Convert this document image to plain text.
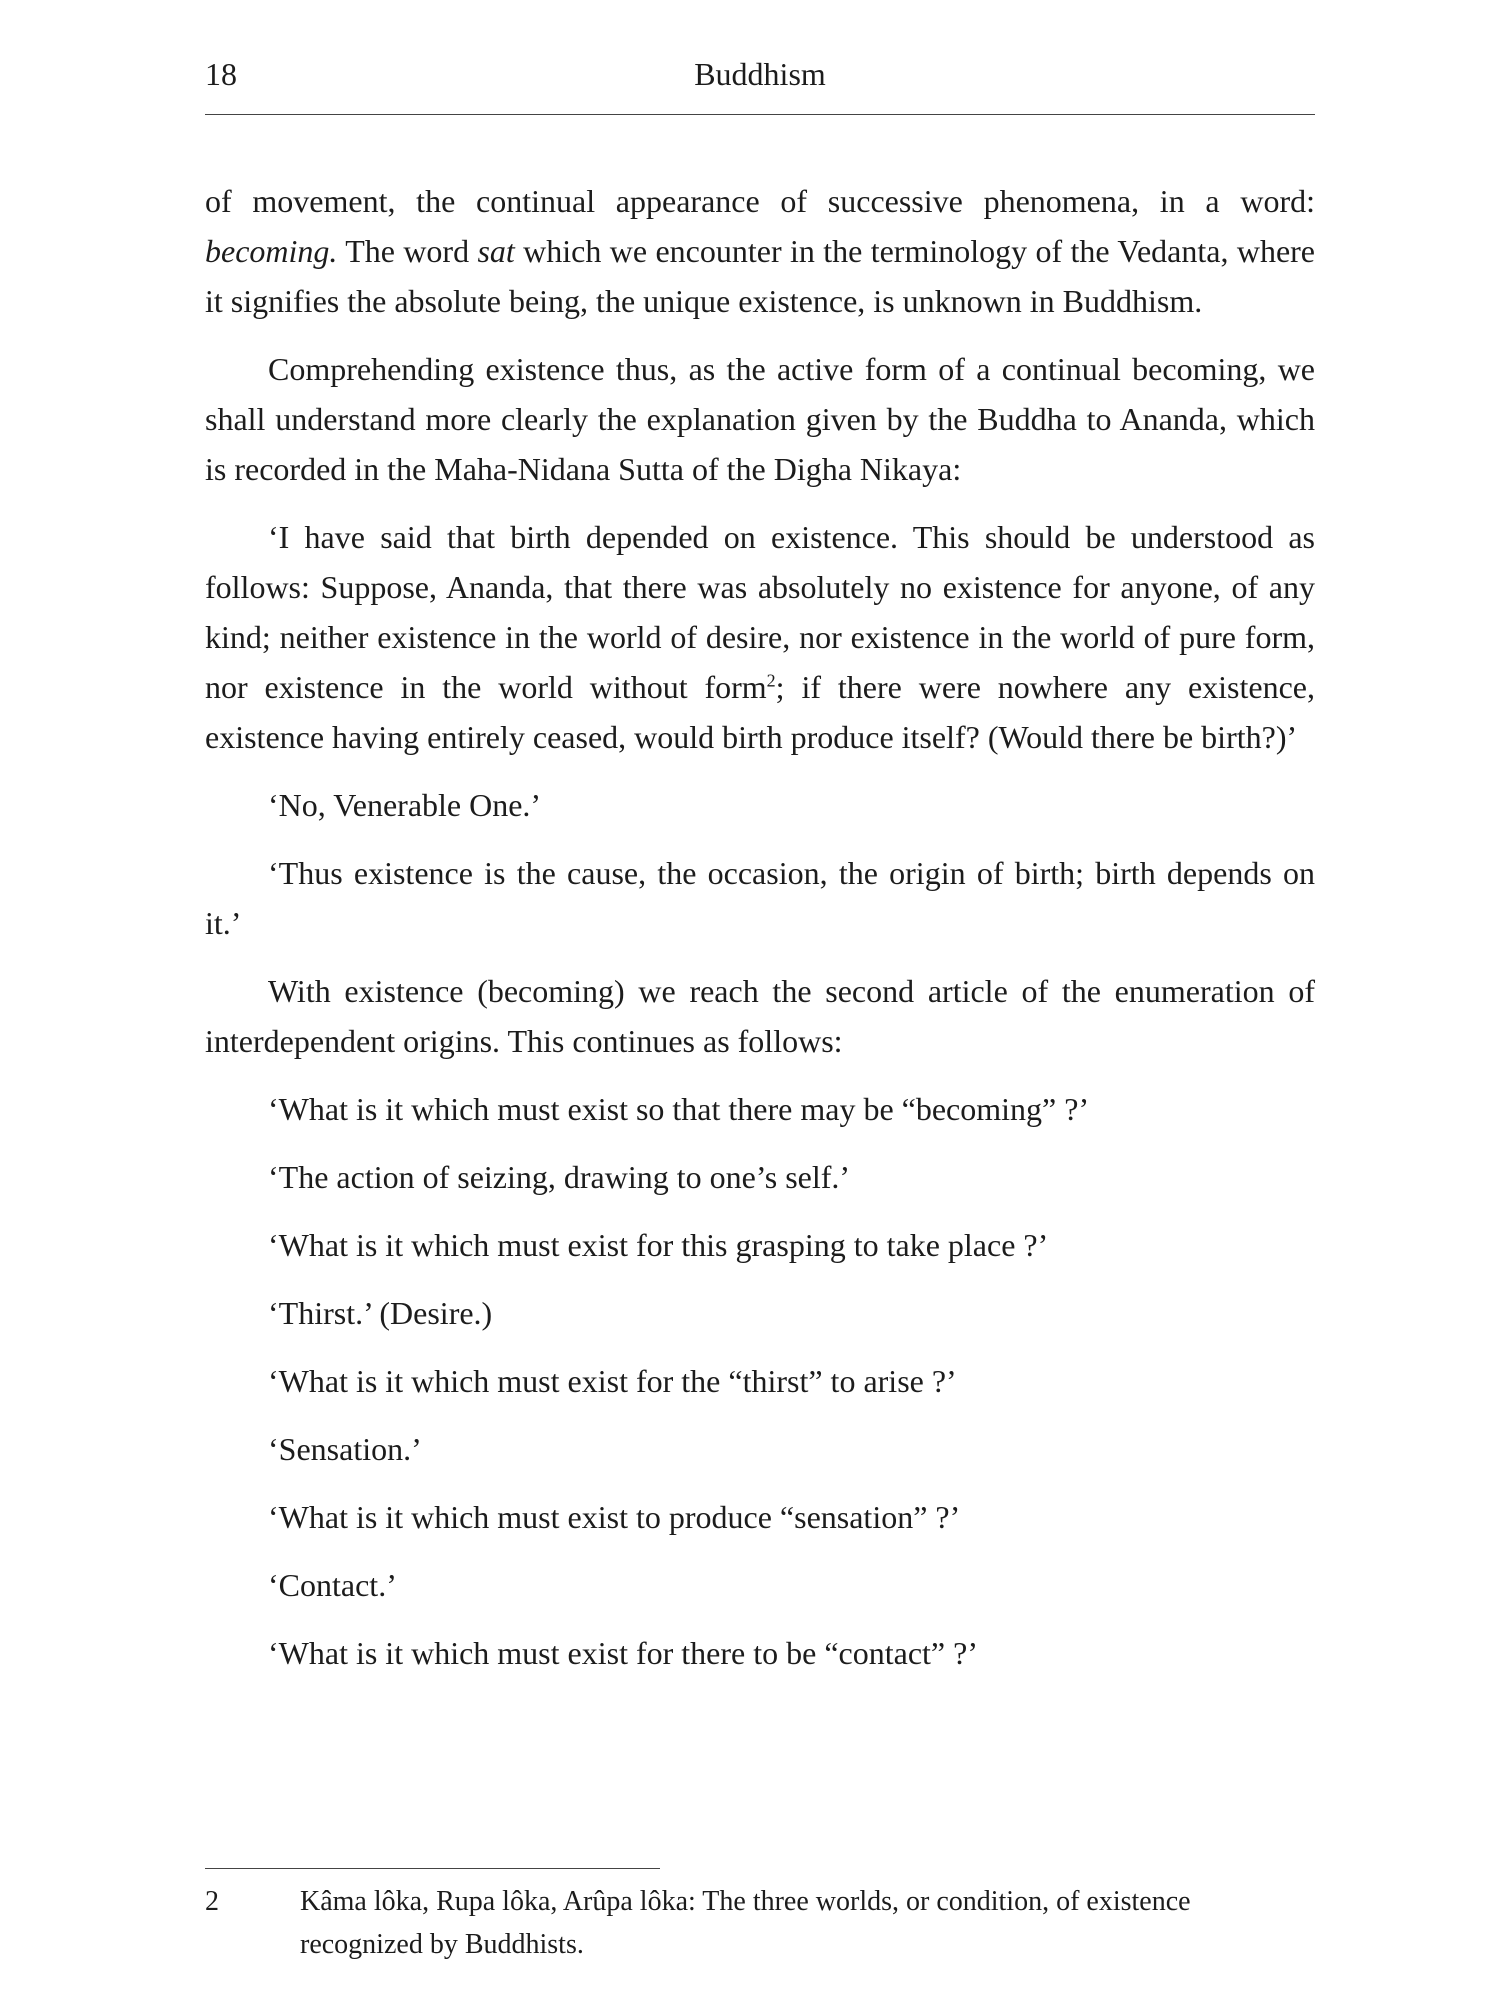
18	Buddhism

of movement, the continual appearance of successive phenomena, in a word: becoming. The word sat which we encounter in the terminology of the Vedanta, where it signifies the absolute being, the unique existence, is unknown in Buddhism.

Comprehending existence thus, as the active form of a continual becoming, we shall understand more clearly the explanation given by the Buddha to Ananda, which is recorded in the Maha-Nidana Sutta of the Digha Nikaya:

‘I have said that birth depended on existence. This should be understood as follows: Suppose, Ananda, that there was absolutely no existence for anyone, of any kind; neither existence in the world of desire, nor existence in the world of pure form, nor existence in the world without form$^2$; if there were nowhere any existence, existence having entirely ceased, would birth produce itself? (Would there be birth?)’

‘No, Venerable One.’

‘Thus existence is the cause, the occasion, the origin of birth; birth depends on it.’

With existence (becoming) we reach the second article of the enumeration of interdependent origins. This continues as follows:

‘What is it which must exist so that there may be “becoming” ?’

‘The action of seizing, drawing to one’s self.’

‘What is it which must exist for this grasping to take place ?’

‘Thirst.’ (Desire.)

‘What is it which must exist for the “thirst” to arise ?’

‘Sensation.’

‘What is it which must exist to produce “sensation” ?’

‘Contact.’

‘What is it which must exist for there to be “contact” ?’

2	Kâma lôka, Rupa lôka, Arûpa lôka: The three worlds, or condition, of existence recognized by Buddhists.
